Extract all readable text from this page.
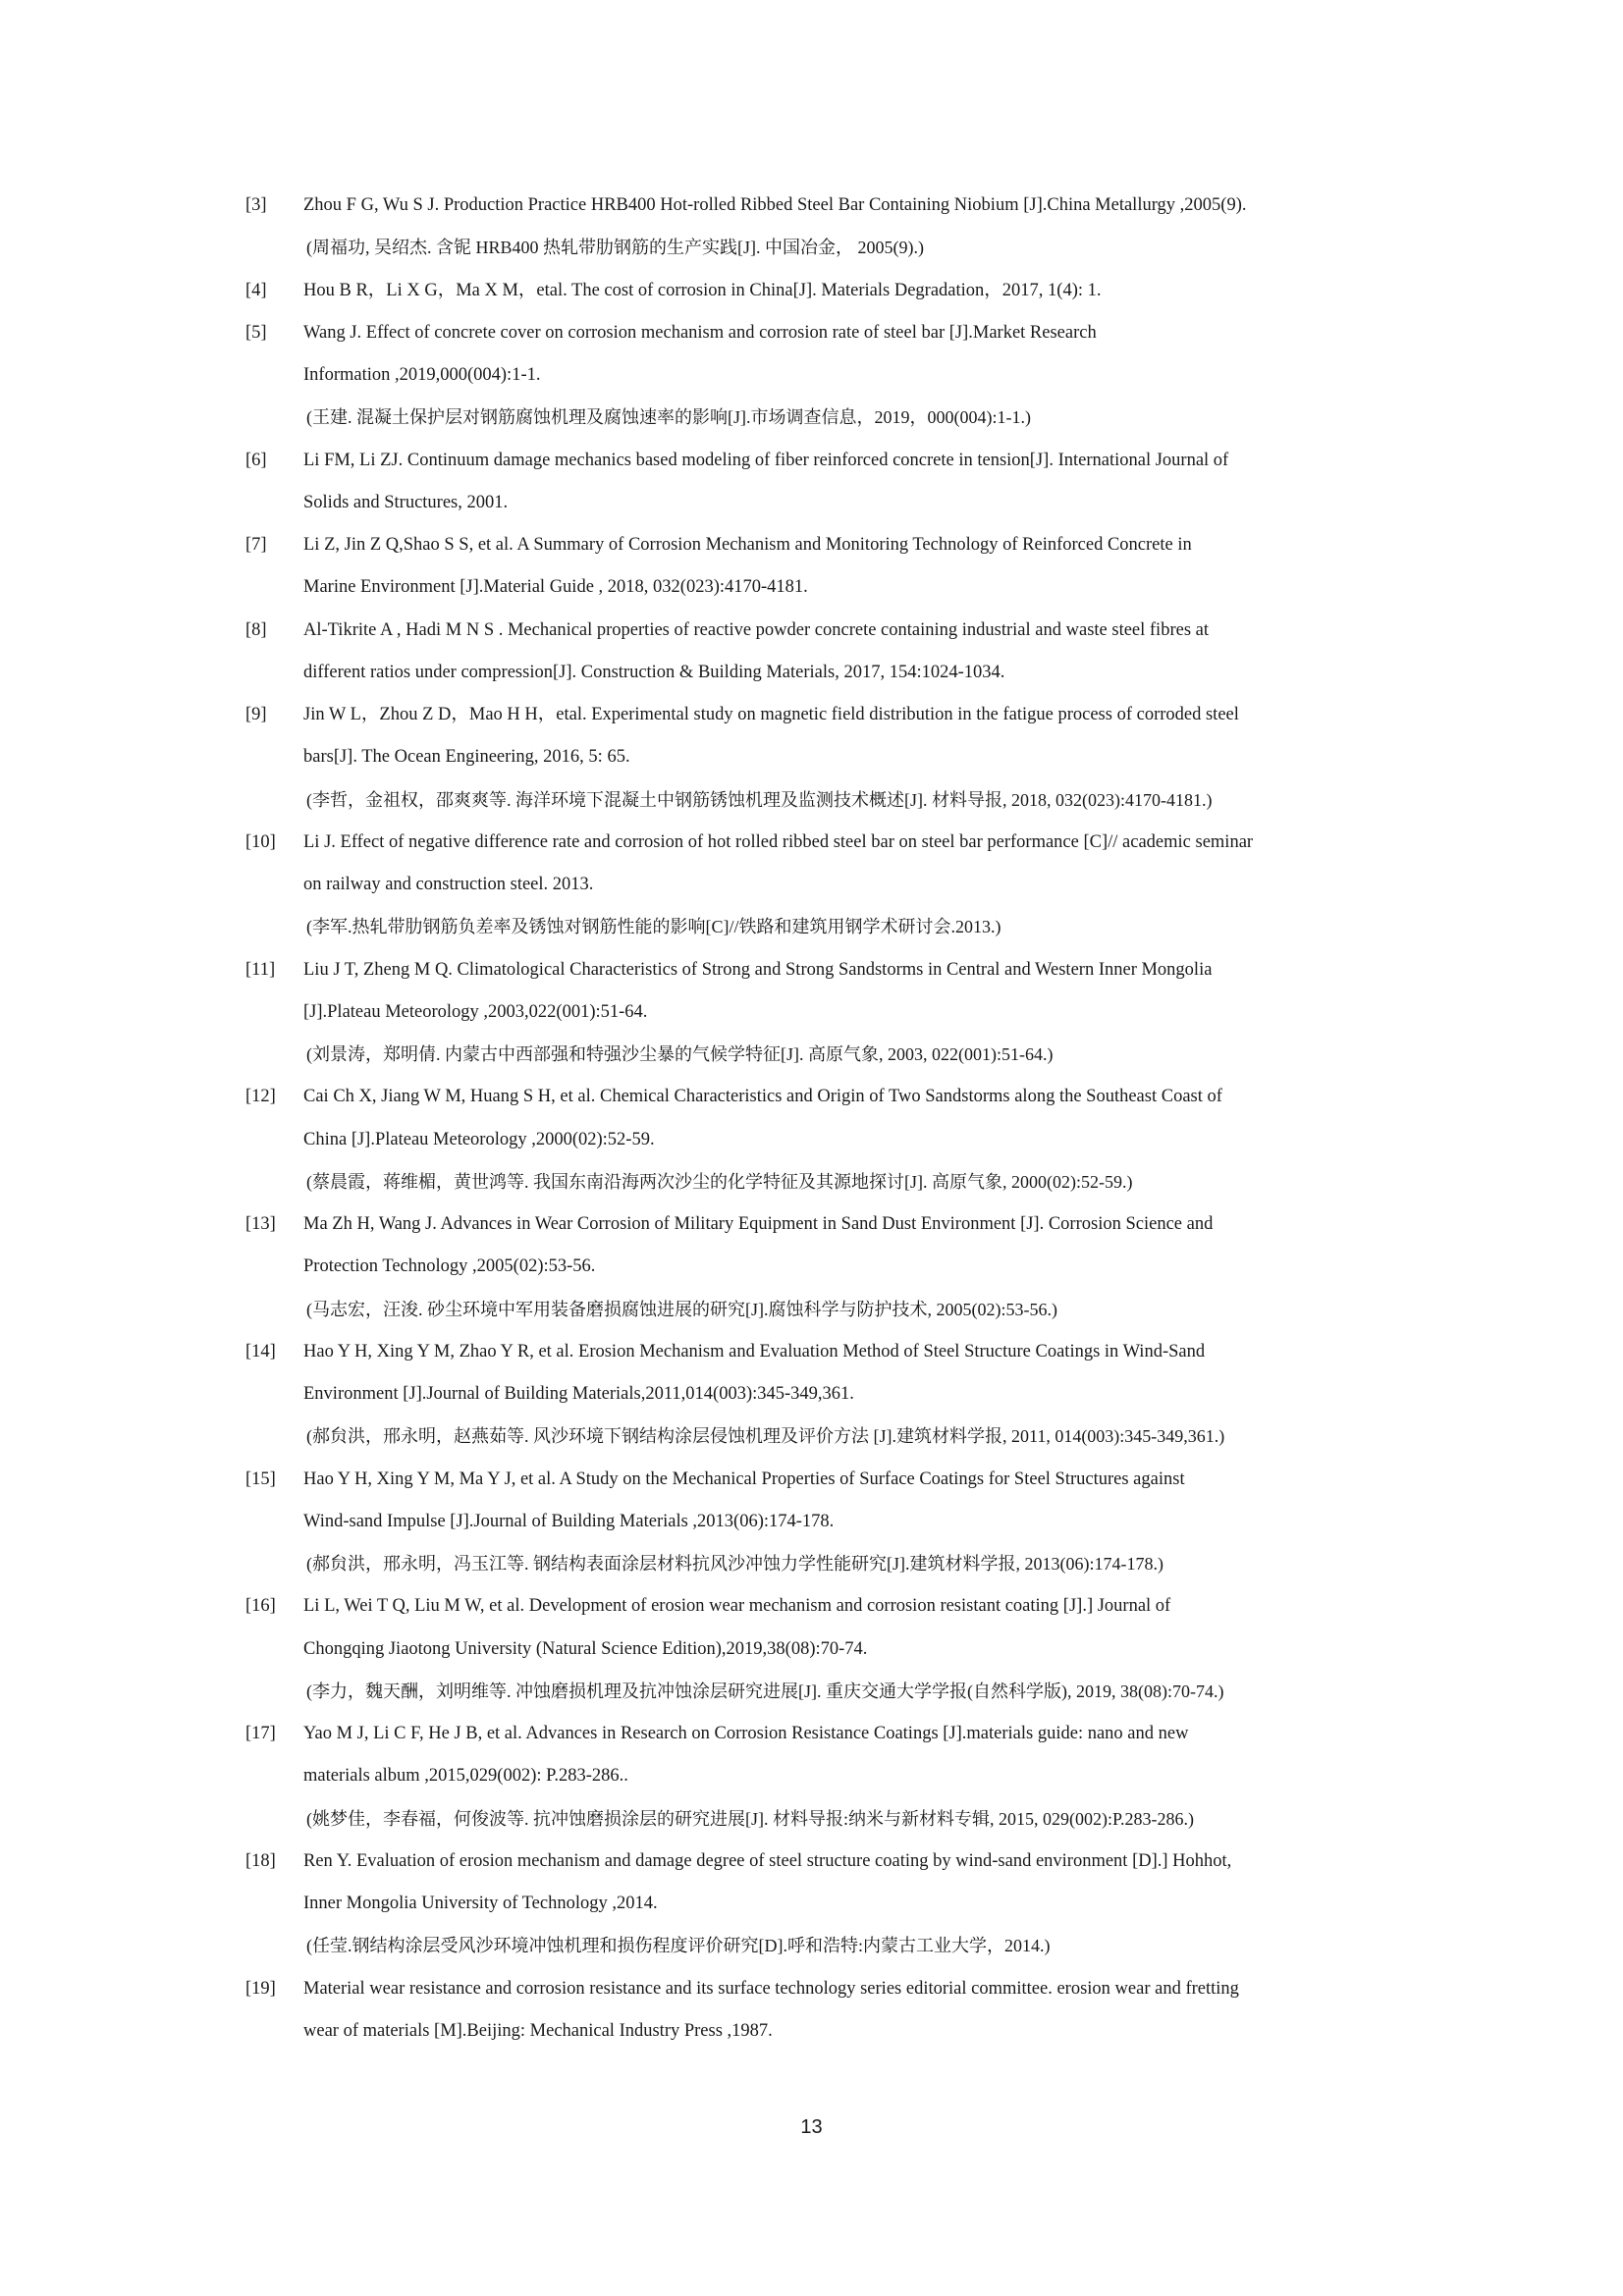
[3] Zhou F G, Wu S J. Production Practice HRB400 Hot-rolled Ribbed Steel Bar Containing Niobium [J].China Metallurgy ,2005(9).
(周福功, 吴绍杰. 含铌 HRB400 热轧带肋钢筋的生产实践[J]. 中国冶金， 2005(9).)
[4] Hou B R，Li X G，Ma X M，etal. The cost of corrosion in China[J]. Materials Degradation，2017, 1(4): 1.
[5] Wang J. Effect of concrete cover on corrosion mechanism and corrosion rate of steel bar [J].Market Research
Information ,2019,000(004):1-1.
(王建. 混凝土保护层对钢筋腐蚀机理及腐蚀速率的影响[J].市场调查信息，2019，000(004):1-1.)
[6] Li FM, Li ZJ. Continuum damage mechanics based modeling of fiber reinforced concrete in tension[J]. International Journal of
Solids and Structures, 2001.
[7] Li Z, Jin Z Q,Shao S S, et al. A Summary of Corrosion Mechanism and Monitoring Technology of Reinforced Concrete in
Marine Environment [J].Material Guide , 2018, 032(023):4170-4181.
[8] Al-Tikrite A , Hadi M N S . Mechanical properties of reactive powder concrete containing industrial and waste steel fibres at
different ratios under compression[J]. Construction & Building Materials, 2017, 154:1024-1034.
[9] Jin W L，Zhou Z D，Mao H H，etal. Experimental study on magnetic field distribution in the fatigue process of corroded steel
bars[J]. The Ocean Engineering, 2016, 5: 65.
(李哲，金祖权，邵爽爽等. 海洋环境下混凝土中钢筋锈蚀机理及监测技术概述[J]. 材料导报, 2018, 032(023):4170-4181.)
[10] Li J. Effect of negative difference rate and corrosion of hot rolled ribbed steel bar on steel bar performance [C]// academic seminar
on railway and construction steel. 2013.
(李军.热轧带肋钢筋负差率及锈蚀对钢筋性能的影响[C]//铁路和建筑用钢学术研讨会.2013.)
[11] Liu J T, Zheng M Q. Climatological Characteristics of Strong and Strong Sandstorms in Central and Western Inner Mongolia
[J].Plateau Meteorology ,2003,022(001):51-64.
(刘景涛，郑明倩. 内蒙古中西部强和特强沙尘暴的气候学特征[J]. 高原气象, 2003, 022(001):51-64.)
[12] Cai Ch X, Jiang W M, Huang S H, et al. Chemical Characteristics and Origin of Two Sandstorms along the Southeast Coast of
China [J].Plateau Meteorology ,2000(02):52-59.
(蔡晨霞，蒋维楣，黄世鸿等. 我国东南沿海两次沙尘的化学特征及其源地探讨[J]. 高原气象, 2000(02):52-59.)
[13] Ma Zh H, Wang J. Advances in Wear Corrosion of Military Equipment in Sand Dust Environment [J]. Corrosion Science and
Protection Technology ,2005(02):53-56.
(马志宏，汪浚. 砂尘环境中军用装备磨损腐蚀进展的研究[J].腐蚀科学与防护技术, 2005(02):53-56.)
[14] Hao Y H, Xing Y M, Zhao Y R, et al. Erosion Mechanism and Evaluation Method of Steel Structure Coatings in Wind-Sand
Environment [J].Journal of Building Materials,2011,014(003):345-349,361.
(郝贠洪，邢永明，赵燕茹等. 风沙环境下钢结构涂层侵蚀机理及评价方法 [J].建筑材料学报, 2011, 014(003):345-349,361.)
[15] Hao Y H, Xing Y M, Ma Y J, et al. A Study on the Mechanical Properties of Surface Coatings for Steel Structures against
Wind-sand Impulse [J].Journal of Building Materials ,2013(06):174-178.
(郝贠洪，邢永明，冯玉江等. 钢结构表面涂层材料抗风沙冲蚀力学性能研究[J].建筑材料学报, 2013(06):174-178.)
[16] Li L, Wei T Q, Liu M W, et al. Development of erosion wear mechanism and corrosion resistant coating [J].] Journal of
Chongqing Jiaotong University (Natural Science Edition),2019,38(08):70-74.
(李力，魏天酬，刘明维等. 冲蚀磨损机理及抗冲蚀涂层研究进展[J]. 重庆交通大学学报(自然科学版), 2019, 38(08):70-74.)
[17] Yao M J, Li C F, He J B, et al. Advances in Research on Corrosion Resistance Coatings [J].materials guide: nano and new
materials album ,2015,029(002): P.283-286..
(姚梦佳，李春福，何俊波等. 抗冲蚀磨损涂层的研究进展[J]. 材料导报:纳米与新材料专辑, 2015, 029(002):P.283-286.)
[18] Ren Y. Evaluation of erosion mechanism and damage degree of steel structure coating by wind-sand environment [D].] Hohhot,
Inner Mongolia University of Technology ,2014.
(任莹.钢结构涂层受风沙环境冲蚀机理和损伤程度评价研究[D].呼和浩特:内蒙古工业大学，2014.)
[19] Material wear resistance and corrosion resistance and its surface technology series editorial committee. erosion wear and fretting
wear of materials [M].Beijing: Mechanical Industry Press ,1987.
13
